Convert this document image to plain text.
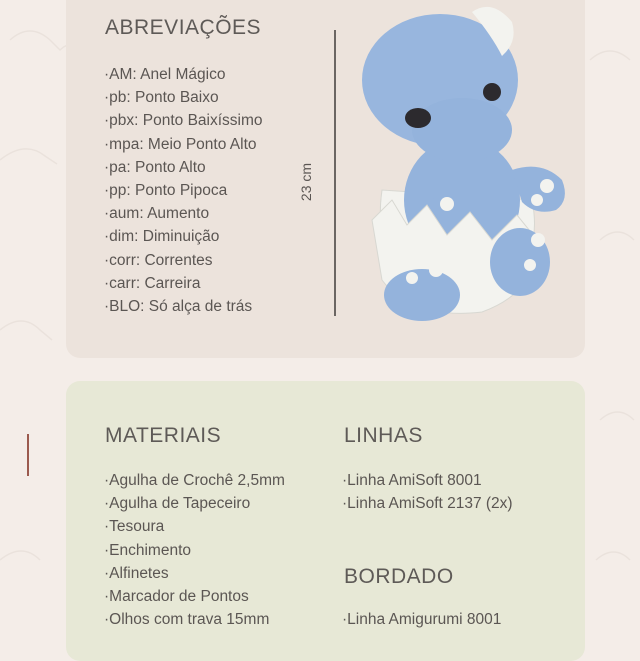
ABREVIAÇÕES
·AM: Anel Mágico
·pb: Ponto Baixo
·pbx: Ponto Baixíssimo
·mpa: Meio Ponto Alto
·pa: Ponto Alto
·pp: Ponto Pipoca
·aum: Aumento
·dim: Diminuição
·corr: Correntes
·carr: Carreira
·BLO: Só alça de trás
23 cm
MATERIAIS
·Agulha de Crochê 2,5mm
·Agulha de Tapeceiro
·Tesoura
·Enchimento
·Alfinetes
·Marcador de Pontos
·Olhos com trava 15mm
LINHAS
·Linha AmiSoft 8001
·Linha AmiSoft 2137 (2x)
BORDADO
·Linha Amigurumi 8001
